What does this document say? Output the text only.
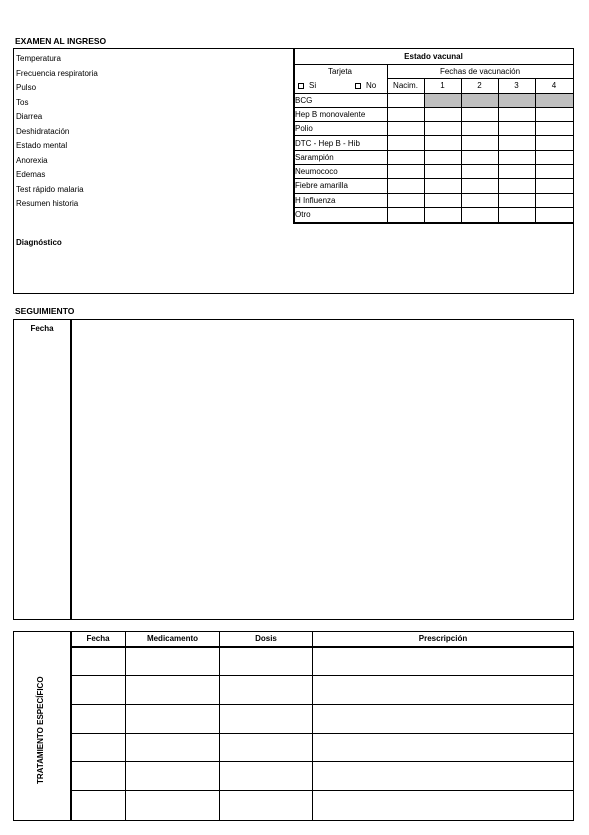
EXAMEN AL INGRESO
Temperatura
Frecuencia respiratoria
Pulso
Tos
Diarrea
Deshidratación
Estado mental
Anorexia
Edemas
Test rápido malaria
Resumen historia
Diagnóstico
Estado vacunal
Tarjeta	Fechas de vacunación
Si	No	Nacim.	1	2	3	4
BCG
Hep B monovalente
Polio
DTC - Hep B - Hib
Sarampión
Neumococo
Fiebre amarilla
H Influenza
Otro
SEGUIMIENTO
Fecha
TRATAMIENTO ESPECÍFICO
Fecha	Medicamento	Dosis	Prescripción
